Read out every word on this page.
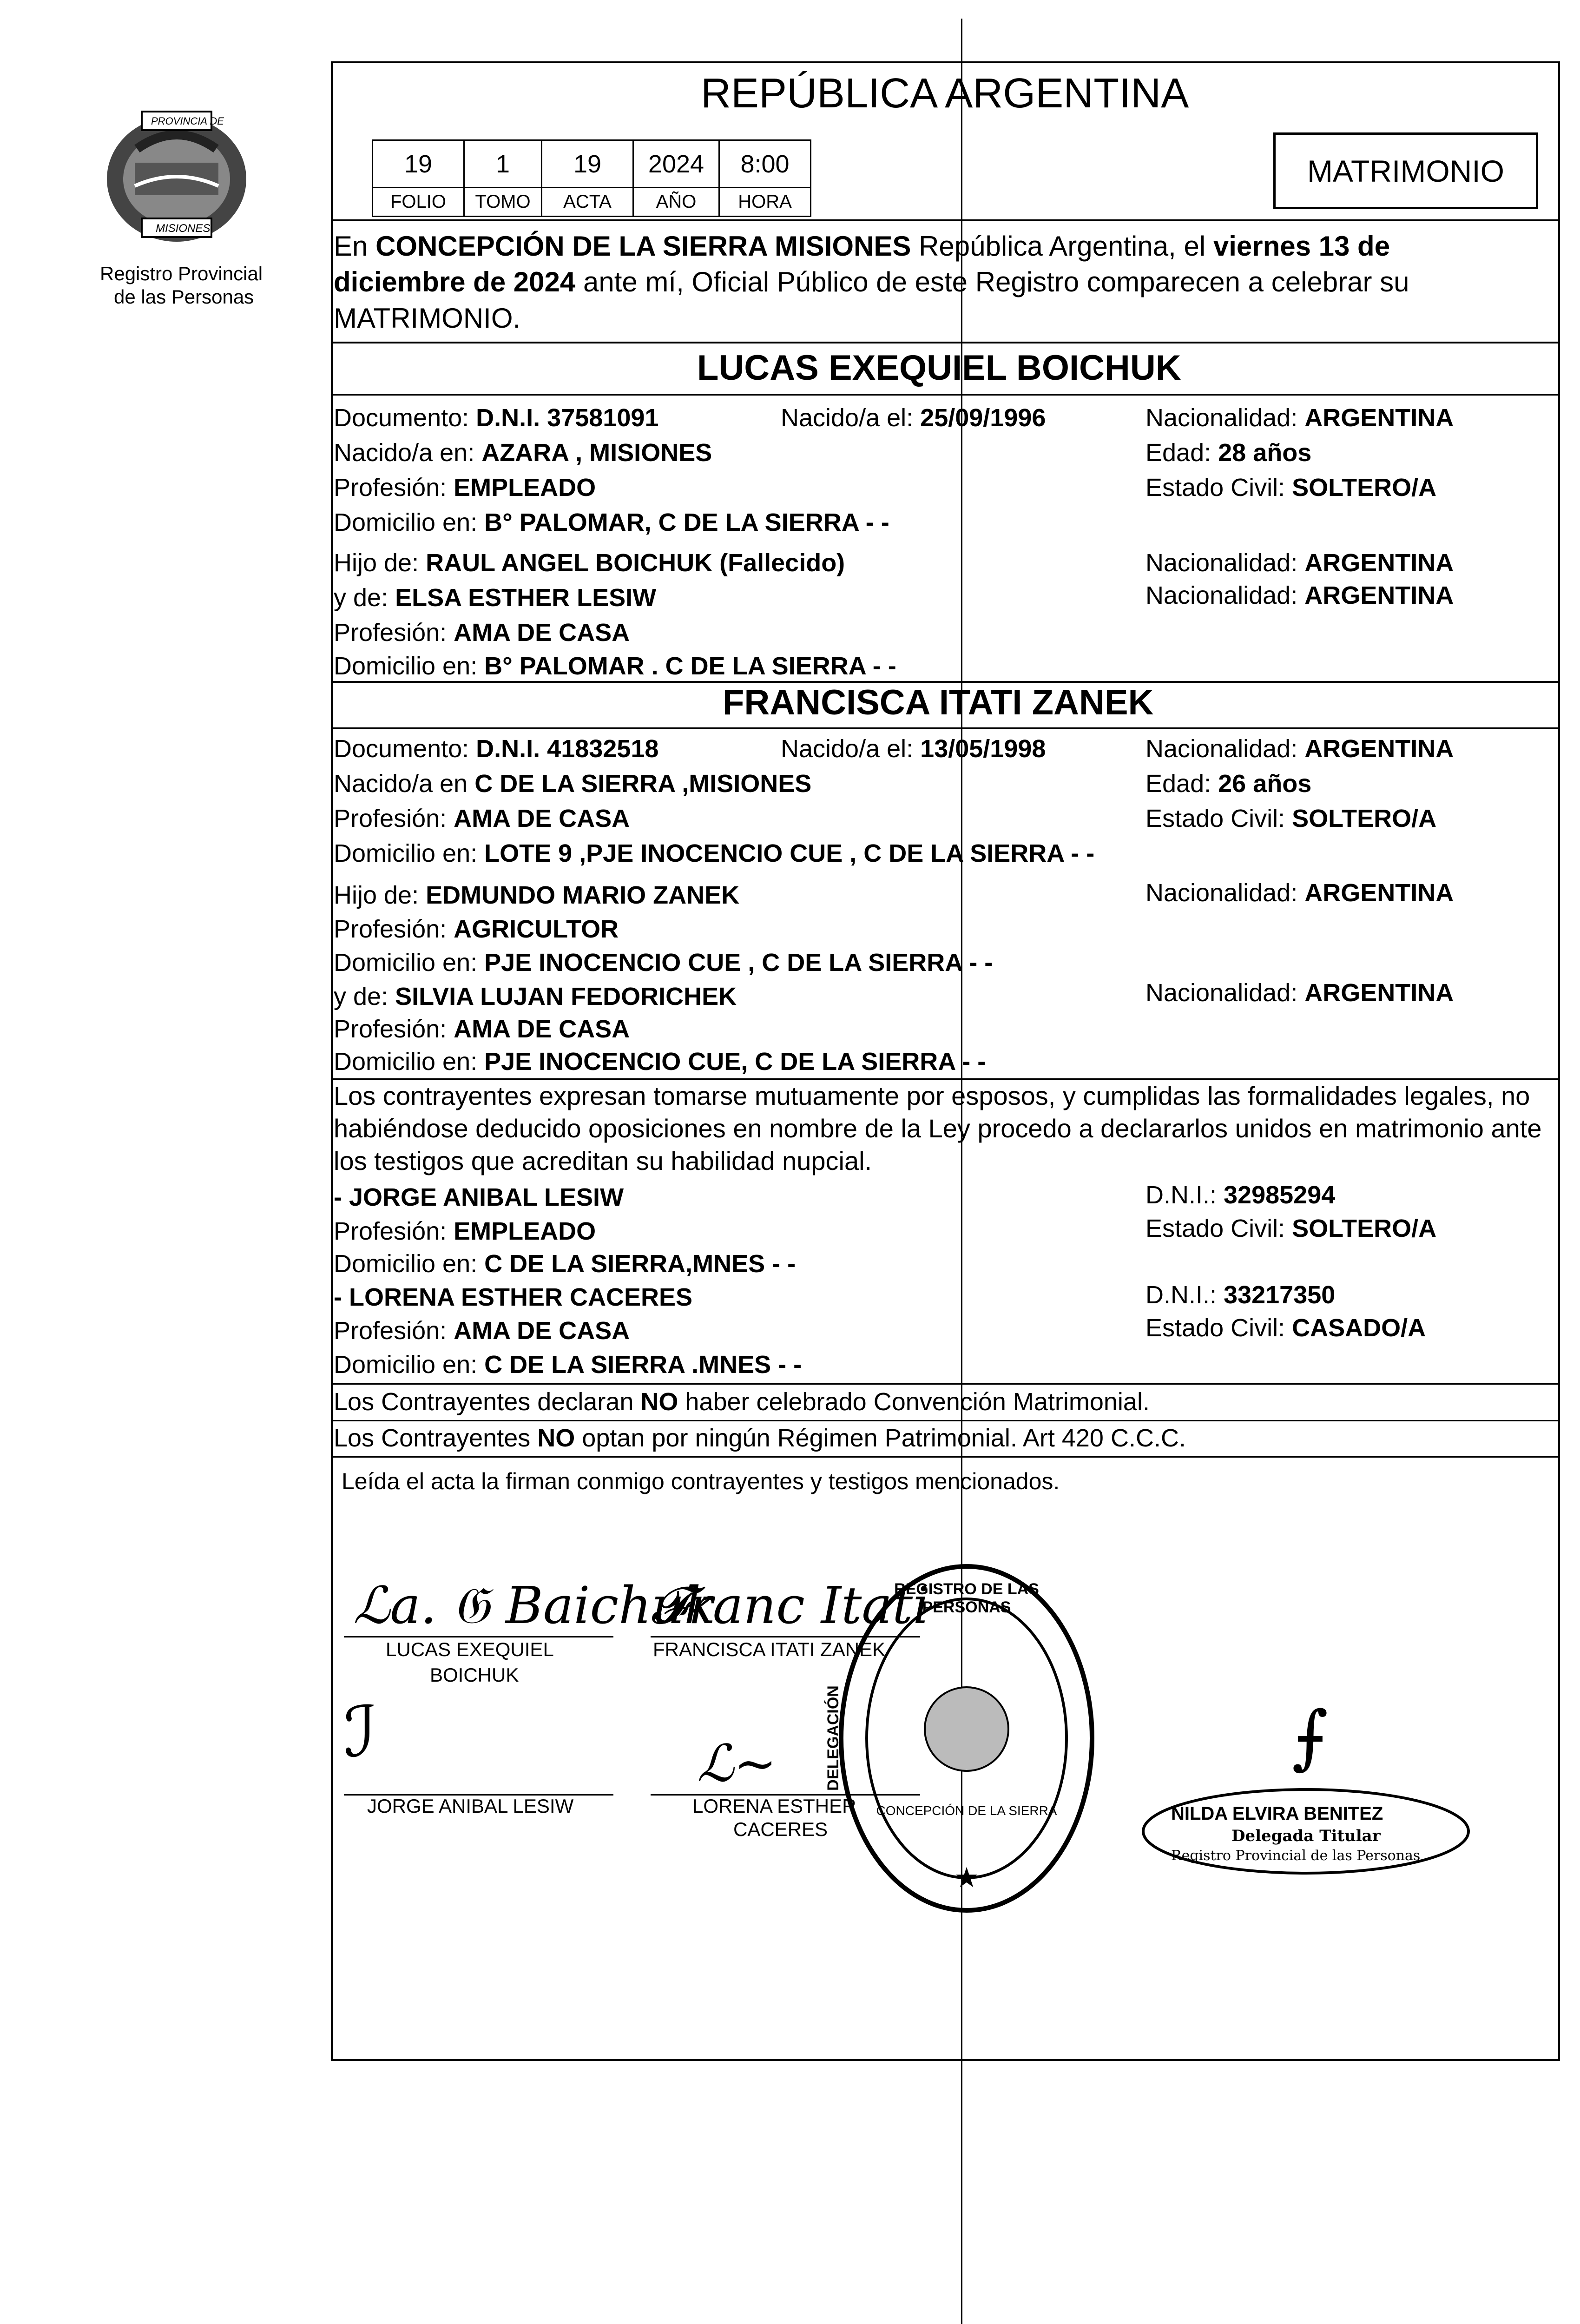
PROVINCIA DE
MISIONES
Registro Provincial
de las Personas
REPÚBLICA ARGENTINA
19	1	19	2024	8:00
FOLIO	TOMO	ACTA	AÑO	HORA
MATRIMONIO
En CONCEPCIÓN DE LA SIERRA MISIONES República Argentina, el viernes 13 de
diciembre de 2024 ante mí, Oficial Público de este Registro comparecen a celebrar su
MATRIMONIO.
LUCAS EXEQUIEL BOICHUK
Documento: D.N.I. 37581091	Nacido/a el: 25/09/1996	Nacionalidad: ARGENTINA
Nacido/a en: AZARA , MISIONES	Edad: 28 años
Profesión: EMPLEADO	Estado Civil: SOLTERO/A
Domicilio en: B° PALOMAR, C DE LA SIERRA - -
Hijo de: RAUL ANGEL BOICHUK (Fallecido)	Nacionalidad: ARGENTINA
y de: ELSA ESTHER LESIW	Nacionalidad: ARGENTINA
Profesión: AMA DE CASA
Domicilio en: B° PALOMAR . C DE LA SIERRA - -
FRANCISCA ITATI ZANEK
Documento: D.N.I. 41832518	Nacido/a el: 13/05/1998	Nacionalidad: ARGENTINA
Nacido/a en C DE LA SIERRA ,MISIONES	Edad: 26 años
Profesión: AMA DE CASA	Estado Civil: SOLTERO/A
Domicilio en: LOTE 9 ,PJE INOCENCIO CUE , C DE LA SIERRA - -
Hijo de: EDMUNDO MARIO ZANEK	Nacionalidad: ARGENTINA
Profesión: AGRICULTOR
Domicilio en: PJE INOCENCIO CUE , C DE LA SIERRA - -
y de: SILVIA LUJAN FEDORICHEK	Nacionalidad: ARGENTINA
Profesión: AMA DE CASA
Domicilio en: PJE INOCENCIO CUE, C DE LA SIERRA - -
Los contrayentes expresan tomarse mutuamente por esposos, y cumplidas las formalidades legales, no
habiéndose deducido oposiciones en nombre de la Ley procedo a declararlos unidos en matrimonio ante
los testigos que acreditan su habilidad nupcial.
- JORGE ANIBAL LESIW	D.N.I.: 32985294
Profesión: EMPLEADO	Estado Civil: SOLTERO/A
Domicilio en: C DE LA SIERRA,MNES - -
- LORENA ESTHER CACERES	D.N.I.: 33217350
Profesión: AMA DE CASA	Estado Civil: CASADO/A
Domicilio en: C DE LA SIERRA .MNES - -
Los Contrayentes declaran NO haber celebrado Convención Matrimonial.
Los Contrayentes NO optan por ningún Régimen Patrimonial. Art 420 C.C.C.
Leída el acta la firman conmigo contrayentes y testigos mencionados.
ℒa. 𝔊 Baichuk
LUCAS EXEQUIEL
BOICHUK
𝓕ranc Itati
FRANCISCA ITATI ZANEK
ℐ
JORGE ANIBAL LESIW
ℒ∼
LORENA ESTHER
CACERES
★
REGISTRO DE LAS PERSONAS
CONCEPCIÓN DE LA SIERRA
DELEGACIÓN	⨍
NILDA ELVIRA BENITEZ
Delegada Titular
Registro Provincial de las Personas
